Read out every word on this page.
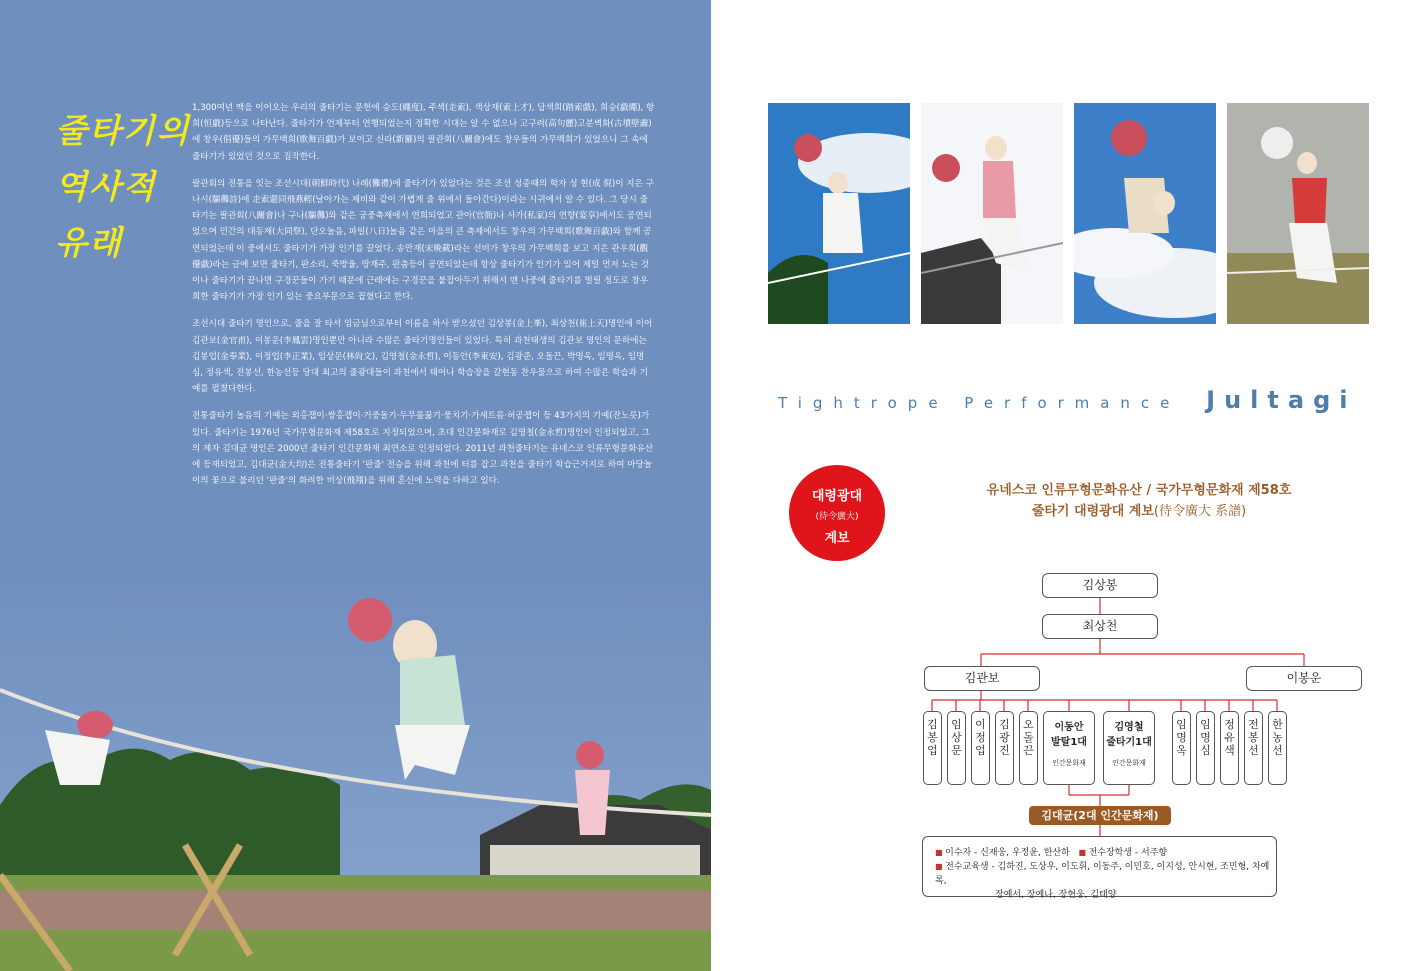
줄타기의
역사적
유래

1,300여년 맥을 이어오는 우리의 줄타기는 문헌에 승도(繩度), 주색(走索), 색상재(索上才), 답색희(踏索戱), 희승(戱繩), 항희(恒戱)등으로 나타난다. 줄타기가 언제부터 연행되었는지 정확한 시대는 알 수 없으나 고구려(高句麗)고분벽화(古墳壁畵)에 창우(倡優)들의 가무백희(歌舞百戱)가 보이고 신라(新羅)의 팔관회(八關會)에도 창우들의 가무백희가 있었으니 그 속에 줄타기가 있었던 것으로 짐작한다.

팔관회의 전통을 잇는 조선시대(朝鮮時代) 나례(儺禮)에 줄타기가 있었다는 것은 조선 성종때의 학자 성 현(成 俔)이 지은 구나시(驅儺詩)에 走索還同飛燕輕(날아가는 제비와 같이 가볍게 줄 위에서 돌아간다)이라는 시귀에서 알 수 있다. 그 당시 줄타기는 팔관회(八關會)나 구나(驅儺)와 같은 궁중축제에서 연희되었고 관아(官衙)나 사가(私家)의 연향(宴享)에서도 공연되었으며 민간의 대동제(大同祭), 단오놀음, 파일(八日)놀음 같은 마을의 큰 축제에서도 창우의 가무백희(歌舞百戱)와 함께 공연되었는데 이 중에서도 줄타기가 가장 인기를 끌었다. 송만재(宋晩載)라는 선비가 창우의 가무백희를 보고 지은 관우희(觀優戱)라는 글에 보면 줄타기, 판소리, 죽방울, 땅재주, 판춤등이 공연되었는데 항상 줄타기가 인기가 있어 제일 먼저 노는 것이나 줄타기가 끝나면 구경꾼들이 가기 때문에 근래에는 구경꾼을 붙잡아두기 위해서 맨 나중에 줄타기를 벌릴 정도로 창우희한 줄타기가 가장 인기 있는 중요부문으로 꼽혔다고 한다.

조선시대 줄타기 명인으로, 줄을 잘 타서 임금님으로부터 이름을 하사 받으셨던 김상봉(金上峯), 최상천(崔上天)명인에 이어 김관보(金官甫), 이봉운(李鳳雲)명인뿐만 아니라 수많은 줄타기명인들이 있었다. 특히 과천태생의 김관보 명인의 문하에는 김봉업(金奉業), 이정업(李正業), 임상문(林尙文), 김영철(金永哲), 이동안(李東安), 김광준, 오돌끈, 박명옥, 임명옥, 임명심, 정유색, 전봉선, 한농선등 당대 최고의 줄광대들이 과천에서 태어나 학습장을 갈현동 찬우물으로 하여 수많은 학습과 기예를 펼쳤다한다.

전통줄타기 놀음의 기예는 외홍잽이·쌍홍잽이·거중돌기·두무릎꿇기·풍치기·가새트름·허공잽이 등 43가지의 기예(잔노릇)가 있다. 줄타기는 1976년 국가무형문화재 제58호로 지정되었으며, 초대 인간문화재로 김영철(金永哲)명인이 인정되었고, 그의 제자 김대균 명인은 2000년 줄타기 인간문화재 최연소로 인정되었다. 2011년 과천줄타기는 유네스코 인류무형문화유산에 등재되었고, 김대균(金大均)은 전통줄타기 '판줄' 전승을 위해 과천에 터를 잡고 과천을 줄타기 학습근거지로 하여 마당놀이의 꽃으로 불리던 '판줄'의 화려한 비상(飛翔)을 위해 혼신에 노력을 다하고 있다.

Tightrope Performance Jultagi
대령광대
(待令廣大)
계보
유네스코 인류무형문화유산 / 국가무형문화재 제58호
줄타기 대령광대 계보(待令廣大 系譜)
김상봉
최상천
김관보	이봉운
김
봉
업
임
상
문
이
정
업
김
광
진
오
돌
끈
이동안
발탈1대
인간문화재
김영철
줄타기1대
인간문화재
임
명
옥
임
명
심
정
유
색
전
봉
선
한
농
선
김대균(2대 인간문화재)
■ 이수자 - 신재웅, 우정윤, 한산하 ■ 전수장학생 - 서주향
■ 전수교육생 - 김하진, 도상우, 이도휘, 이동주, 이민호, 이지성, 안시현, 조민형, 차예록,
장예서, 장예나, 장현웅, 김태양
